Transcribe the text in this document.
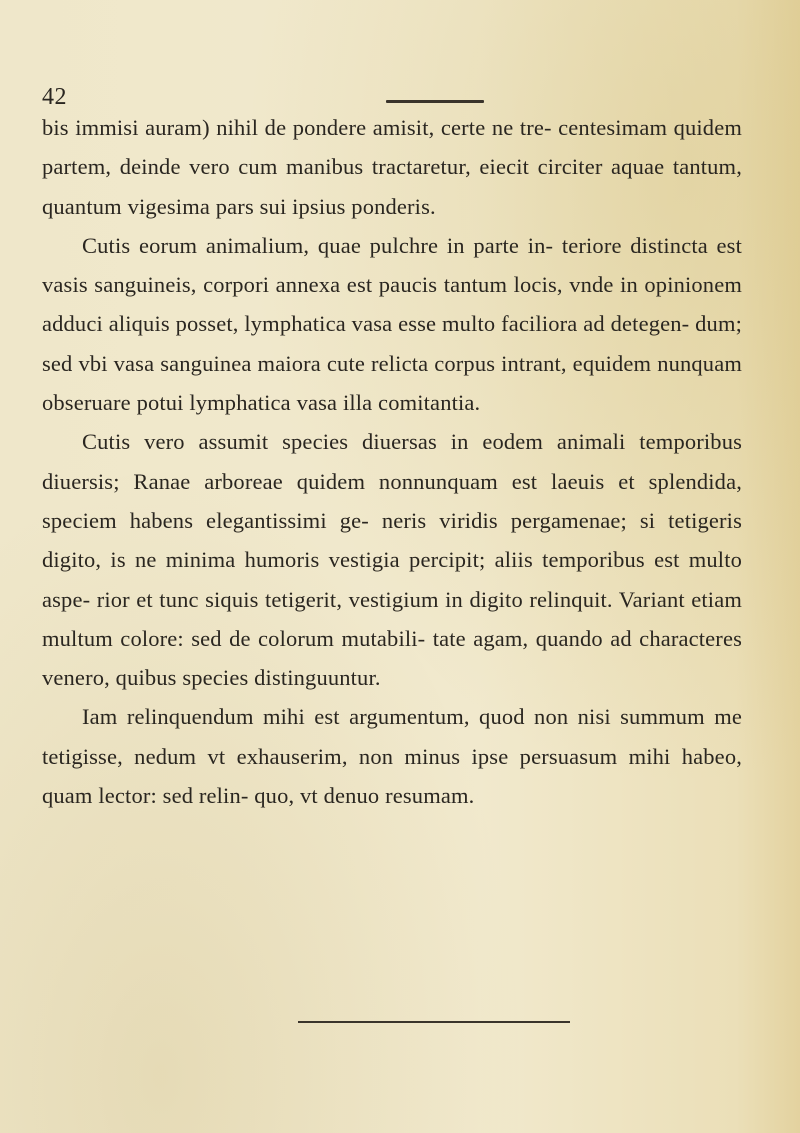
42

bis immisi auram) nihil de ponderе amisit, certe ne tre- centesimam quidem partem, deinde vero cum manibus tractaretur, eiecit circiter aquae tantum, quantum vigesima pars sui ipsius ponderis.

Cutis eorum animalium, quae pulchre in parte in- teriore distincta est vasis sanguineis, corpori annexa est paucis tantum locis, vnde in opinionem adduci aliquis posset, lymphatica vasa esse multo faciliora ad detegen- dum; sed vbi vasa sanguinea maiora cute relicta corpus intrant, equidem nunquam obseruare potui lymphatica vasa illa comitantia.

Cutis vero assumit species diuersas in eodem animali temporibus diuersis; Ranae arboreae quidem nonnunquam est laeuis et splendida, speciem habens elegantissimi ge- neris viridis pergamenae; si tetigeris digito, is ne minima humoris vestigia percipit; aliis temporibus est multo aspe- rior et tunc siquis tetigerit, vestigium in digito relinquit. Variant etiam multum colore: sed de colorum mutabili- tate agam, quando ad characteres venero, quibus species distinguuntur.

Iam relinquendum mihi est argumentum, quod non nisi summum me tetigisse, nedum vt exhauserim, non minus ipse persuasum mihi habeo, quam lector: sed relin- quo, vt denuo resumam.
